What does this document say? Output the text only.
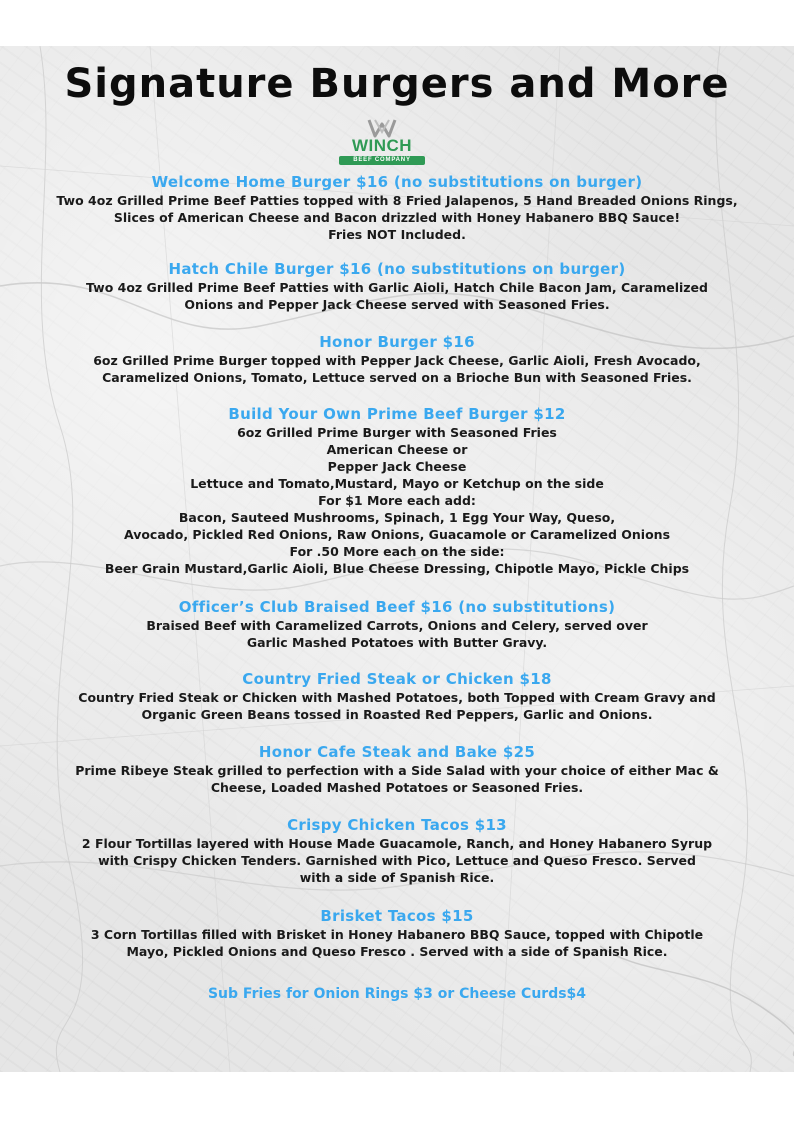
Signature Burgers and More
WINCH
BEEF COMPANY
Welcome Home Burger $16 (no substitutions on burger)

Two 4oz Grilled Prime Beef Patties topped with 8 Fried Jalapenos, 5 Hand Breaded Onions Rings,
Slices of American Cheese and Bacon drizzled with Honey Habanero BBQ Sauce!
Fries NOT Included.

Hatch Chile Burger $16 (no substitutions on burger)

Two 4oz Grilled Prime Beef Patties with Garlic Aioli, Hatch Chile Bacon Jam, Caramelized
Onions and Pepper Jack Cheese served with Seasoned Fries.

Honor Burger $16

6oz Grilled Prime Burger topped with Pepper Jack Cheese, Garlic Aioli, Fresh Avocado,
Caramelized Onions, Tomato, Lettuce served on a Brioche Bun with Seasoned Fries.

Build Your Own Prime Beef Burger $12

6oz Grilled Prime Burger with Seasoned Fries
American Cheese or
Pepper Jack Cheese
Lettuce and Tomato,Mustard, Mayo or Ketchup on the side
For $1 More each add:
Bacon, Sauteed Mushrooms, Spinach, 1 Egg Your Way, Queso,
Avocado, Pickled Red Onions, Raw Onions, Guacamole or Caramelized Onions
For .50 More each on the side:
Beer Grain Mustard,Garlic Aioli, Blue Cheese Dressing, Chipotle Mayo, Pickle Chips

Officer’s Club Braised Beef $16 (no substitutions)

Braised Beef with Caramelized Carrots, Onions and Celery, served over
Garlic Mashed Potatoes with Butter Gravy.

Country Fried Steak or Chicken $18

Country Fried Steak or Chicken with Mashed Potatoes, both Topped with Cream Gravy and
Organic Green Beans tossed in Roasted Red Peppers, Garlic and Onions.

Honor Cafe Steak and Bake $25

Prime Ribeye Steak grilled to perfection with a Side Salad with your choice of either Mac &
Cheese, Loaded Mashed Potatoes or Seasoned Fries.

Crispy Chicken Tacos $13

2 Flour Tortillas layered with House Made Guacamole, Ranch, and Honey Habanero Syrup
with Crispy Chicken Tenders. Garnished with Pico, Lettuce and Queso Fresco. Served
with a side of Spanish Rice.

Brisket Tacos $15

3 Corn Tortillas filled with Brisket in Honey Habanero BBQ Sauce, topped with Chipotle
Mayo, Pickled Onions and Queso Fresco . Served with a side of Spanish Rice.

Sub Fries for Onion Rings $3 or Cheese Curds$4
